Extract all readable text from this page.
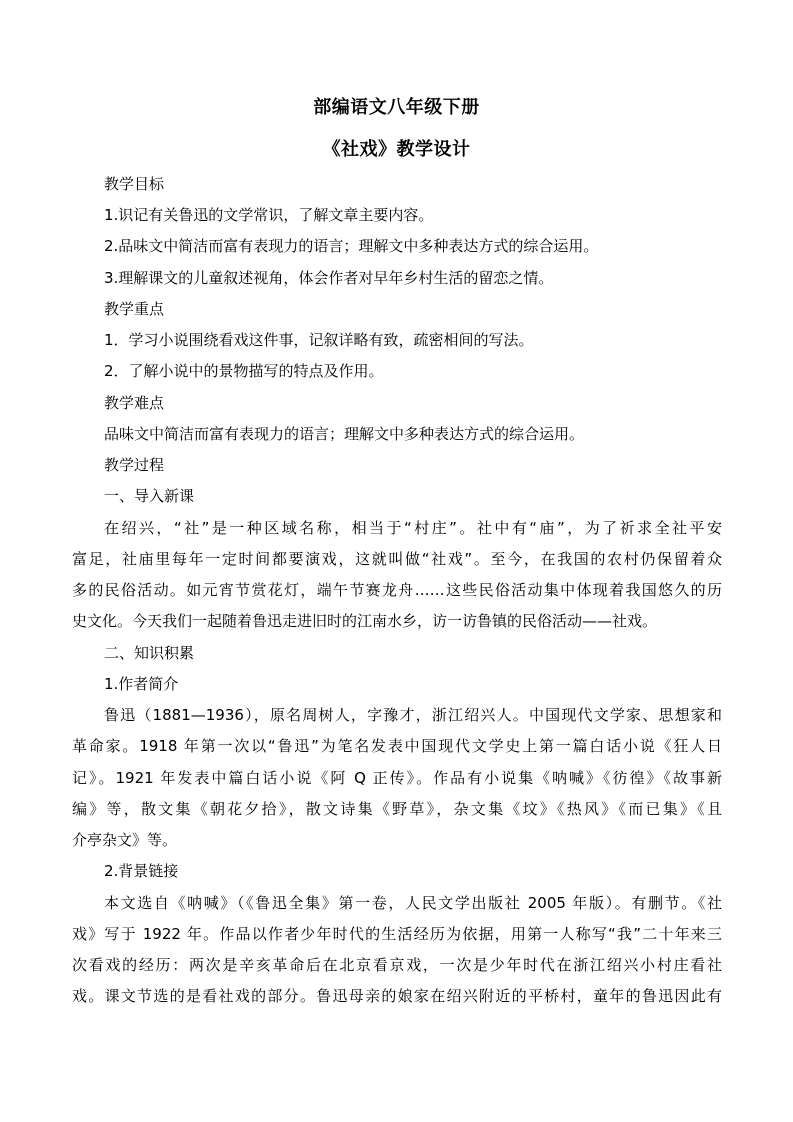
部编语文八年级下册
《社戏》教学设计
教学目标
1.识记有关鲁迅的文学常识，了解文章主要内容。
2.品味文中简洁而富有表现力的语言；理解文中多种表达方式的综合运用。
3.理解课文的儿童叙述视角，体会作者对早年乡村生活的留恋之情。
教学重点
1．学习小说围绕看戏这件事，记叙详略有致，疏密相间的写法。
2．了解小说中的景物描写的特点及作用。
教学难点
品味文中简洁而富有表现力的语言；理解文中多种表达方式的综合运用。
教学过程
一、导入新课
在绍兴，“社”是一种区域名称，相当于“村庄”。社中有“庙”，为了祈求全社平安
富足，社庙里每年一定时间都要演戏，这就叫做“社戏”。至今，在我国的农村仍保留着众
多的民俗活动。如元宵节赏花灯，端午节赛龙舟……这些民俗活动集中体现着我国悠久的历
史文化。今天我们一起随着鲁迅走进旧时的江南水乡，访一访鲁镇的民俗活动——社戏。
二、知识积累
1.作者简介
鲁迅（1881—1936），原名周树人，字豫才，浙江绍兴人。中国现代文学家、思想家和
革命家。1918 年第一次以“鲁迅”为笔名发表中国现代文学史上第一篇白话小说《狂人日
记》。1921 年发表中篇白话小说《阿 Q 正传》。作品有小说集《呐喊》《彷徨》《故事新
编》等，散文集《朝花夕拾》，散文诗集《野草》，杂文集《坟》《热风》《而已集》《且
介亭杂文》等。
2.背景链接
本文选自《呐喊》（《鲁迅全集》第一卷，人民文学出版社 2005 年版）。有删节。《社
戏》写于 1922 年。作品以作者少年时代的生活经历为依据，用第一人称写“我”二十年来三
次看戏的经历：两次是辛亥革命后在北京看京戏，一次是少年时代在浙江绍兴小村庄看社
戏。课文节选的是看社戏的部分。鲁迅母亲的娘家在绍兴附近的平桥村，童年的鲁迅因此有
